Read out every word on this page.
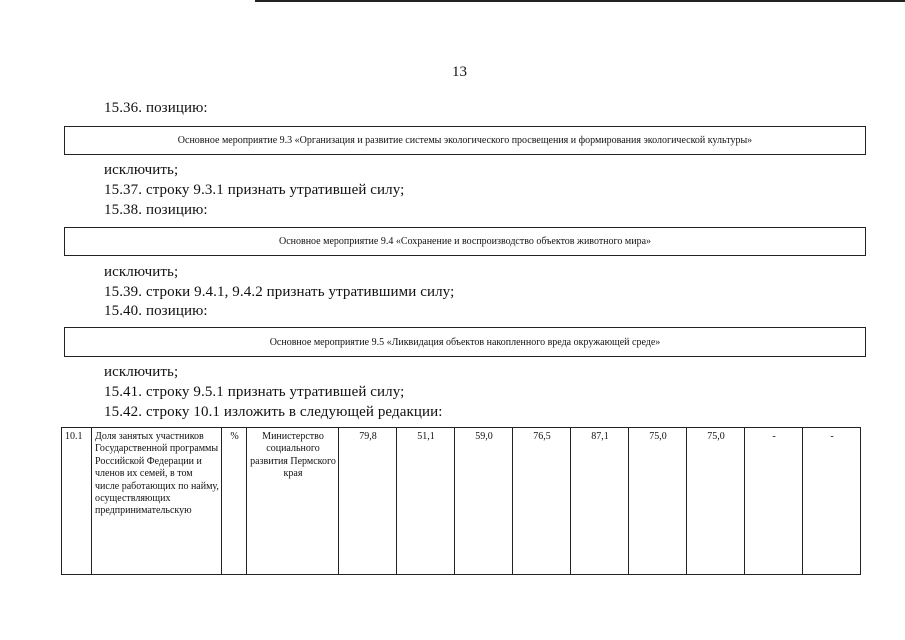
13
15.36. позицию:
Основное мероприятие 9.3 «Организация и развитие системы экологического просвещения и формирования экологической культуры»
исключить;
15.37. строку 9.3.1 признать утратившей силу;
15.38. позицию:
Основное мероприятие 9.4 «Сохранение и воспроизводство объектов животного мира»
исключить;
15.39. строки 9.4.1, 9.4.2 признать утратившими силу;
15.40. позицию:
Основное мероприятие 9.5 «Ликвидация объектов накопленного вреда окружающей среде»
исключить;
15.41. строку 9.5.1 признать утратившей силу;
15.42. строку 10.1 изложить в следующей редакции:
10.1	Доля занятых участников Государственной программы Российской Федерации и членов их семей, в том числе работающих по найму, осуществляющих предпринимательскую	%	Министерство социального развития Пермского края	79,8	51,1	59,0	76,5	87,1	75,0	75,0	-	-
